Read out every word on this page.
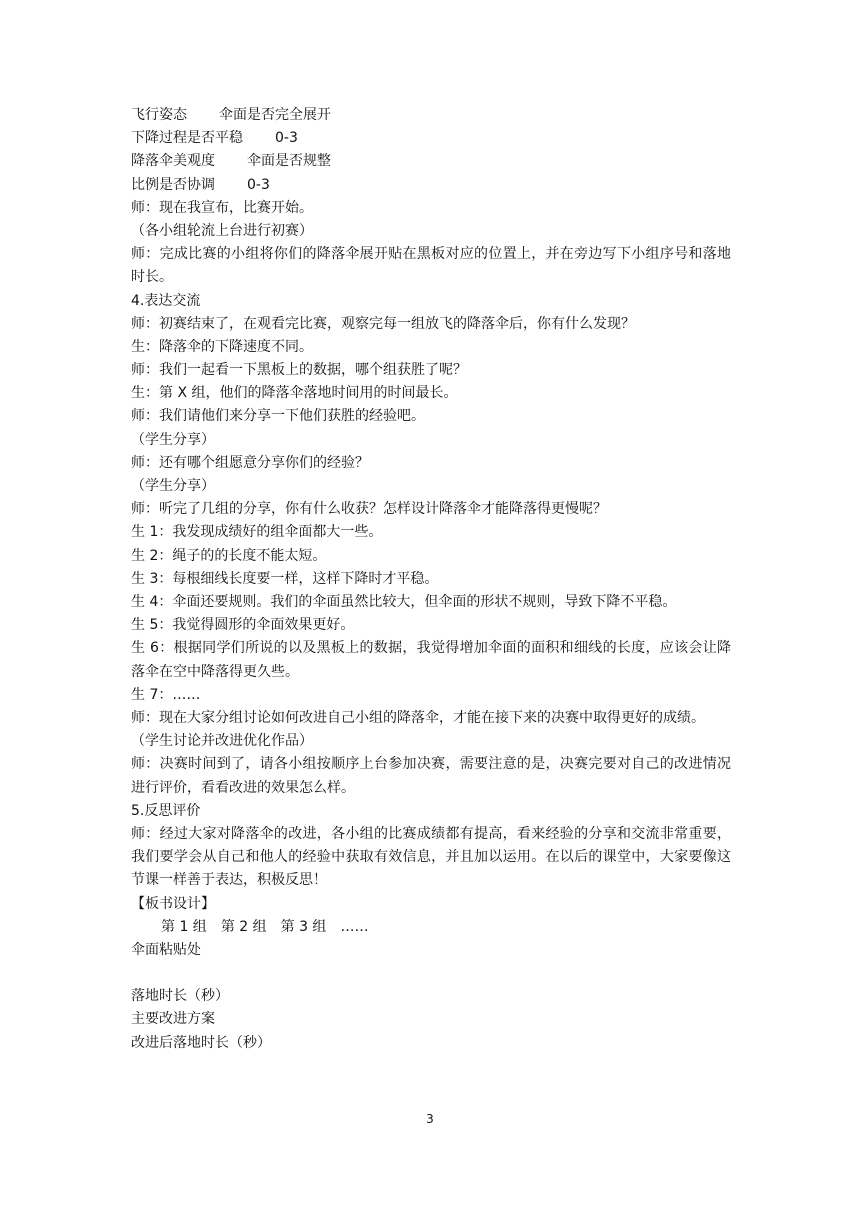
飞行姿态 伞面是否完全展开
下降过程是否平稳 0-3
降落伞美观度 伞面是否规整
比例是否协调 0-3
师：现在我宣布，比赛开始。
（各小组轮流上台进行初赛）
师：完成比赛的小组将你们的降落伞展开贴在黑板对应的位置上，并在旁边写下小组序号和落地时长。
4.表达交流
师：初赛结束了，在观看完比赛，观察完每一组放飞的降落伞后，你有什么发现？
生：降落伞的下降速度不同。
师：我们一起看一下黑板上的数据，哪个组获胜了呢？
生：第 X 组，他们的降落伞落地时间用的时间最长。
师：我们请他们来分享一下他们获胜的经验吧。
（学生分享）
师：还有哪个组愿意分享你们的经验？
（学生分享）
师：听完了几组的分享，你有什么收获？怎样设计降落伞才能降落得更慢呢？
生 1：我发现成绩好的组伞面都大一些。
生 2：绳子的的长度不能太短。
生 3：每根细线长度要一样，这样下降时才平稳。
生 4：伞面还要规则。我们的伞面虽然比较大，但伞面的形状不规则，导致下降不平稳。
生 5：我觉得圆形的伞面效果更好。
生 6：根据同学们所说的以及黑板上的数据，我觉得增加伞面的面积和细线的长度，应该会让降落伞在空中降落得更久些。
生 7：……
师：现在大家分组讨论如何改进自己小组的降落伞，才能在接下来的决赛中取得更好的成绩。
（学生讨论并改进优化作品）
师：决赛时间到了，请各小组按顺序上台参加决赛，需要注意的是，决赛完要对自己的改进情况进行评价，看看改进的效果怎么样。
5.反思评价
师：经过大家对降落伞的改进，各小组的比赛成绩都有提高，看来经验的分享和交流非常重要，我们要学会从自己和他人的经验中获取有效信息，并且加以运用。在以后的课堂中，大家要像这节课一样善于表达，积极反思！
【板书设计】
第 1 组 第 2 组 第 3 组 ……
伞面粘贴处
落地时长（秒）
主要改进方案
改进后落地时长（秒）
3
